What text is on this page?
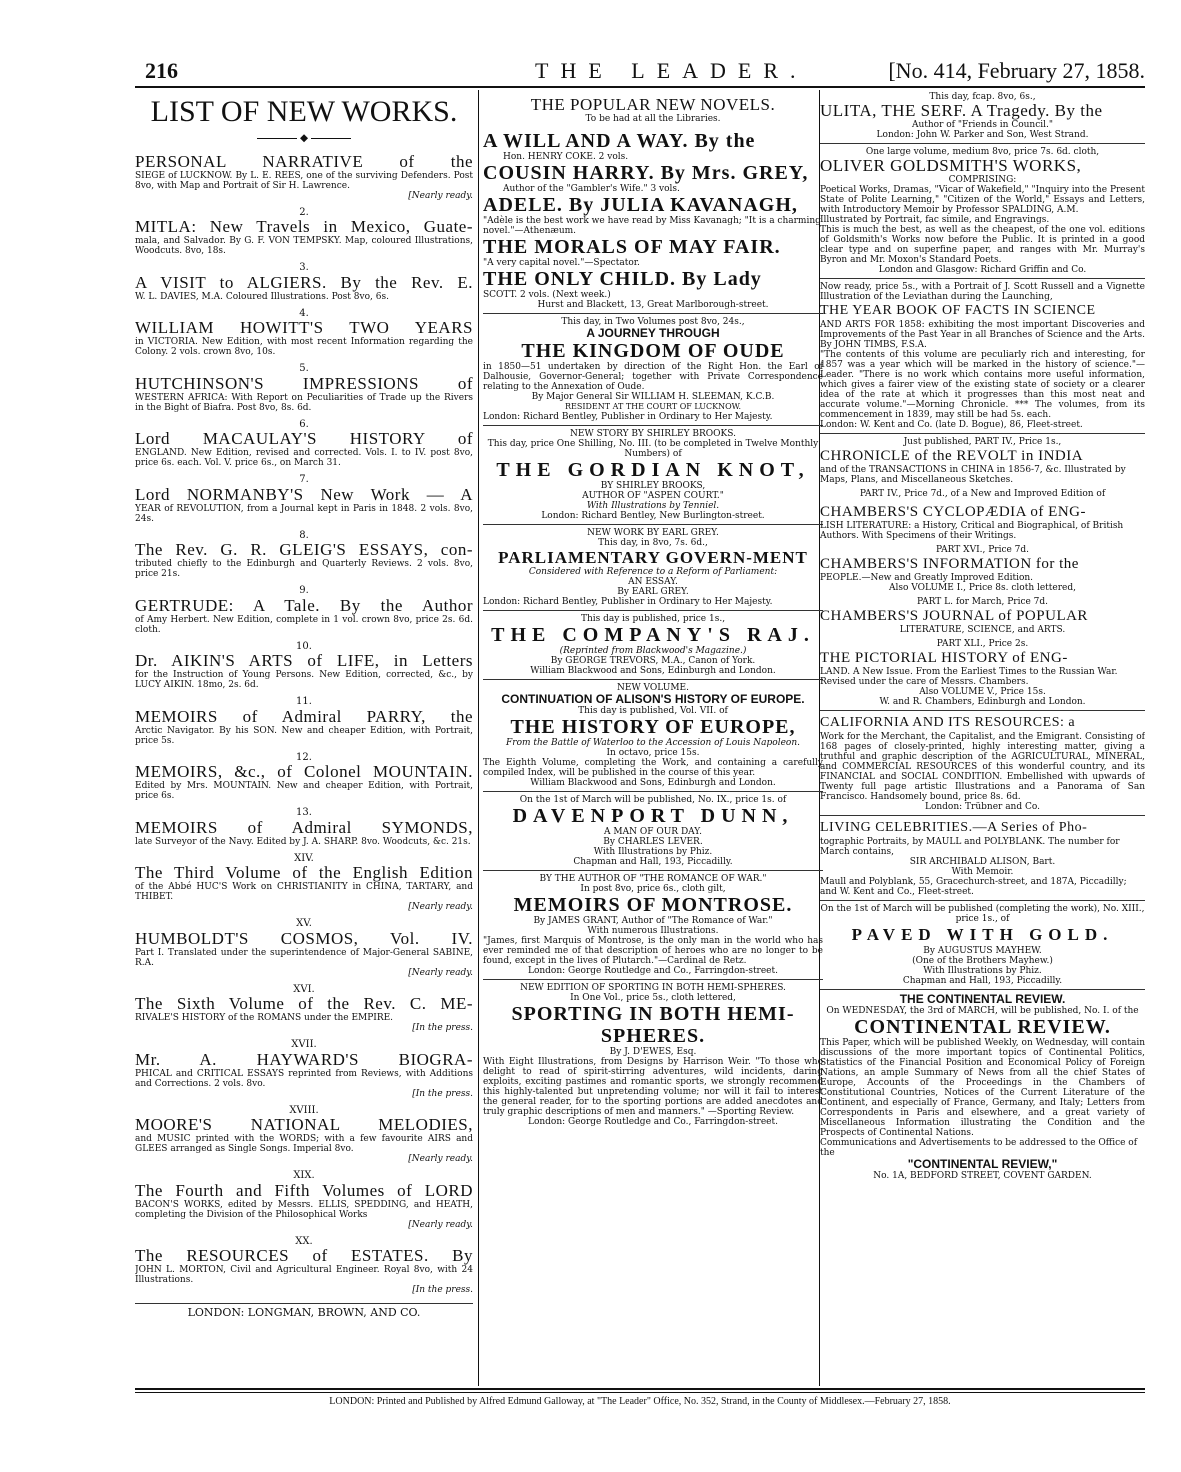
216	THE LEADER.	[No. 414, February 27, 1858.
LIST OF NEW WORKS.
◆
PERSONAL NARRATIVE of the
SIEGE of LUCKNOW. By L. E. REES, one of the surviving Defenders. Post 8vo, with Map and Portrait of Sir H. Lawrence.
[Nearly ready.
2.
MITLA: New Travels in Mexico, Guate-
mala, and Salvador. By G. F. VON TEMPSKY. Map, coloured Illustrations, Woodcuts. 8vo, 18s.
3.
A VISIT to ALGIERS. By the Rev. E.
W. L. DAVIES, M.A. Coloured Illustrations. Post 8vo, 6s.
4.
WILLIAM HOWITT'S TWO YEARS
in VICTORIA. New Edition, with most recent Information regarding the Colony. 2 vols. crown 8vo, 10s.
5.
HUTCHINSON'S IMPRESSIONS of
WESTERN AFRICA: With Report on Peculiarities of Trade up the Rivers in the Bight of Biafra. Post 8vo, 8s. 6d.
6.
Lord MACAULAY'S HISTORY of
ENGLAND. New Edition, revised and corrected. Vols. I. to IV. post 8vo, price 6s. each. Vol. V. price 6s., on March 31.
7.
Lord NORMANBY'S New Work — A
YEAR of REVOLUTION, from a Journal kept in Paris in 1848. 2 vols. 8vo, 24s.
8.
The Rev. G. R. GLEIG'S ESSAYS, con-
tributed chiefly to the Edinburgh and Quarterly Reviews. 2 vols. 8vo, price 21s.
9.
GERTRUDE: A Tale. By the Author
of Amy Herbert. New Edition, complete in 1 vol. crown 8vo, price 2s. 6d. cloth.
10.
Dr. AIKIN'S ARTS of LIFE, in Letters
for the Instruction of Young Persons. New Edition, corrected, &c., by LUCY AIKIN. 18mo, 2s. 6d.
11.
MEMOIRS of Admiral PARRY, the
Arctic Navigator. By his SON. New and cheaper Edition, with Portrait, price 5s.
12.
MEMOIRS, &c., of Colonel MOUNTAIN.
Edited by Mrs. MOUNTAIN. New and cheaper Edition, with Portrait, price 6s.
13.
MEMOIRS of Admiral SYMONDS,
late Surveyor of the Navy. Edited by J. A. SHARP. 8vo. Woodcuts, &c. 21s.
XIV.
The Third Volume of the English Edition
of the Abbé HUC'S Work on CHRISTIANITY in CHINA, TARTARY, and THIBET.
[Nearly ready.
XV.
HUMBOLDT'S COSMOS, Vol. IV.
Part I. Translated under the superintendence of Major-General SABINE, R.A.
[Nearly ready.
XVI.
The Sixth Volume of the Rev. C. ME-
RIVALE'S HISTORY of the ROMANS under the EMPIRE.
[In the press.
XVII.
Mr. A. HAYWARD'S BIOGRA-
PHICAL and CRITICAL ESSAYS reprinted from Reviews, with Additions and Corrections. 2 vols. 8vo.
[In the press.
XVIII.
MOORE'S NATIONAL MELODIES,
and MUSIC printed with the WORDS; with a few favourite AIRS and GLEES arranged as Single Songs. Imperial 8vo.
[Nearly ready.
XIX.
The Fourth and Fifth Volumes of LORD
BACON'S WORKS, edited by Messrs. ELLIS, SPEDDING, and HEATH, completing the Division of the Philosophical Works
[Nearly ready.
XX.
The RESOURCES of ESTATES. By
JOHN L. MORTON, Civil and Agricultural Engineer. Royal 8vo, with 24 Illustrations.
[In the press.
LONDON: LONGMAN, BROWN, AND CO.
THE POPULAR NEW NOVELS.
To be had at all the Libraries.
A WILL AND A WAY. By the
Hon. HENRY COKE. 2 vols.
COUSIN HARRY. By Mrs. GREY,
Author of the "Gambler's Wife." 3 vols.
ADELE. By JULIA KAVANAGH,
"Adèle is the best work we have read by Miss Kavanagh; "It is a charming novel."—Athenæum.
THE MORALS OF MAY FAIR.
"A very capital novel."—Spectator.
THE ONLY CHILD. By Lady
SCOTT. 2 vols. (Next week.)
Hurst and Blackett, 13, Great Marlborough-street.
This day, in Two Volumes post 8vo, 24s.,
A JOURNEY THROUGH
THE KINGDOM OF OUDE
in 1850—51 undertaken by direction of the Right Hon. the Earl of Dalhousie, Governor-General; together with Private Correspondence relating to the Annexation of Oude.
By Major General Sir WILLIAM H. SLEEMAN, K.C.B.
RESIDENT AT THE COURT OF LUCKNOW.
London: Richard Bentley, Publisher in Ordinary to Her Majesty.
NEW STORY BY SHIRLEY BROOKS.
This day, price One Shilling, No. III. (to be completed in Twelve Monthly Numbers) of
THE GORDIAN KNOT,
BY SHIRLEY BROOKS,
AUTHOR OF "ASPEN COURT."
With Illustrations by Tenniel.
London: Richard Bentley, New Burlington-street.
NEW WORK BY EARL GREY.
This day, in 8vo, 7s. 6d.,
PARLIAMENTARY GOVERN-MENT
Considered with Reference to a Reform of Parliament:
AN ESSAY.
By EARL GREY.
London: Richard Bentley, Publisher in Ordinary to Her Majesty.
This day is published, price 1s.,
THE COMPANY'S RAJ.
(Reprinted from Blackwood's Magazine.)
By GEORGE TREVORS, M.A., Canon of York.
William Blackwood and Sons, Edinburgh and London.
NEW VOLUME.
CONTINUATION OF ALISON'S HISTORY OF EUROPE.
This day is published, Vol. VII. of
THE HISTORY OF EUROPE,
From the Battle of Waterloo to the Accession of Louis Napoleon.
In octavo, price 15s.
The Eighth Volume, completing the Work, and containing a carefully compiled Index, will be published in the course of this year.
William Blackwood and Sons, Edinburgh and London.
On the 1st of March will be published, No. IX., price 1s. of
DAVENPORT DUNN,
A MAN OF OUR DAY.
By CHARLES LEVER.
With Illustrations by Phiz.
Chapman and Hall, 193, Piccadilly.
BY THE AUTHOR OF "THE ROMANCE OF WAR."
In post 8vo, price 6s., cloth gilt,
MEMOIRS OF MONTROSE.
By JAMES GRANT, Author of "The Romance of War."
With numerous Illustrations.
"James, first Marquis of Montrose, is the only man in the world who has ever reminded me of that description of heroes who are no longer to be found, except in the lives of Plutarch."—Cardinal de Retz.
London: George Routledge and Co., Farringdon-street.
NEW EDITION OF SPORTING IN BOTH HEMI-SPHERES.
In One Vol., price 5s., cloth lettered,
SPORTING IN BOTH HEMI-SPHERES.
By J. D'EWES, Esq.
With Eight Illustrations, from Designs by Harrison Weir. "To those who delight to read of spirit-stirring adventures, wild incidents, daring exploits, exciting pastimes and romantic sports, we strongly recommend this highly-talented but unpretending volume; nor will it fail to interest the general reader, for to the sporting portions are added anecdotes and truly graphic descriptions of men and manners." —Sporting Review.
London: George Routledge and Co., Farringdon-street.
This day, fcap. 8vo, 6s.,
ULITA, THE SERF. A Tragedy. By the
Author of "Friends in Council."
London: John W. Parker and Son, West Strand.
One large volume, medium 8vo, price 7s. 6d. cloth,
OLIVER GOLDSMITH'S WORKS,
COMPRISING:
Poetical Works, Dramas, "Vicar of Wakefield," "Inquiry into the Present State of Polite Learning," "Citizen of the World," Essays and Letters, with Introductory Memoir by Professor SPALDING, A.M.
Illustrated by Portrait, fac simile, and Engravings.
This is much the best, as well as the cheapest, of the one vol. editions of Goldsmith's Works now before the Public. It is printed in a good clear type and on superfine paper, and ranges with Mr. Murray's Byron and Mr. Moxon's Standard Poets.
London and Glasgow: Richard Griffin and Co.
Now ready, price 5s., with a Portrait of J. Scott Russell and a Vignette Illustration of the Leviathan during the Launching,
THE YEAR BOOK OF FACTS IN SCIENCE
AND ARTS FOR 1858: exhibiting the most important Discoveries and Improvements of the Past Year in all Branches of Science and the Arts. By JOHN TIMBS, F.S.A.
"The contents of this volume are peculiarly rich and interesting, for 1857 was a year which will be marked in the history of science."—Leader. "There is no work which contains more useful information, which gives a fairer view of the existing state of society or a clearer idea of the rate at which it progresses than this most neat and accurate volume."—Morning Chronicle. *** The volumes, from its commencement in 1839, may still be had 5s. each.
London: W. Kent and Co. (late D. Bogue), 86, Fleet-street.
Just published, PART IV., Price 1s.,
CHRONICLE of the REVOLT in INDIA
and of the TRANSACTIONS in CHINA in 1856-7, &c. Illustrated by Maps, Plans, and Miscellaneous Sketches.
PART IV., Price 7d., of a New and Improved Edition of
CHAMBERS'S CYCLOPÆDIA of ENG-
LISH LITERATURE: a History, Critical and Biographical, of British Authors. With Specimens of their Writings.
PART XVI., Price 7d.
CHAMBERS'S INFORMATION for the
PEOPLE.—New and Greatly Improved Edition.
Also VOLUME I., Price 8s. cloth lettered,
PART L. for March, Price 7d.
CHAMBERS'S JOURNAL of POPULAR
LITERATURE, SCIENCE, and ARTS.
PART XLI., Price 2s.
THE PICTORIAL HISTORY of ENG-
LAND. A New Issue. From the Earliest Times to the Russian War. Revised under the care of Messrs. Chambers.
Also VOLUME V., Price 15s.
W. and R. Chambers, Edinburgh and London.
CALIFORNIA AND ITS RESOURCES: a
Work for the Merchant, the Capitalist, and the Emigrant. Consisting of 168 pages of closely-printed, highly interesting matter, giving a truthful and graphic description of the AGRICULTURAL, MINERAL, and COMMERCIAL RESOURCES of this wonderful country, and its FINANCIAL and SOCIAL CONDITION. Embellished with upwards of Twenty full page artistic Illustrations and a Panorama of San Francisco. Handsomely bound, price 8s. 6d.
London: Trübner and Co.
LIVING CELEBRITIES.—A Series of Pho-
tographic Portraits, by MAULL and POLYBLANK. The number for March contains,
SIR ARCHIBALD ALISON, Bart.
With Memoir.
Maull and Polyblank, 55, Gracechurch-street, and 187A, Piccadilly; and W. Kent and Co., Fleet-street.
On the 1st of March will be published (completing the work), No. XIII., price 1s., of
PAVED WITH GOLD.
By AUGUSTUS MAYHEW.
(One of the Brothers Mayhew.)
With Illustrations by Phiz.
Chapman and Hall, 193, Piccadilly.
THE CONTINENTAL REVIEW.
On WEDNESDAY, the 3rd of MARCH, will be published, No. I. of the
CONTINENTAL REVIEW.
This Paper, which will be published Weekly, on Wednesday, will contain discussions of the more important topics of Continental Politics, Statistics of the Financial Position and Economical Policy of Foreign Nations, an ample Summary of News from all the chief States of Europe, Accounts of the Proceedings in the Chambers of Constitutional Countries, Notices of the Current Literature of the Continent, and especially of France, Germany, and Italy; Letters from Correspondents in Paris and elsewhere, and a great variety of Miscellaneous Information illustrating the Condition and the Prospects of Continental Nations.
Communications and Advertisements to be addressed to the Office of the
"CONTINENTAL REVIEW,"
No. 1A, BEDFORD STREET, COVENT GARDEN.
LONDON: Printed and Published by Alfred Edmund Galloway, at "The Leader" Office, No. 352, Strand, in the County of Middlesex.—February 27, 1858.
